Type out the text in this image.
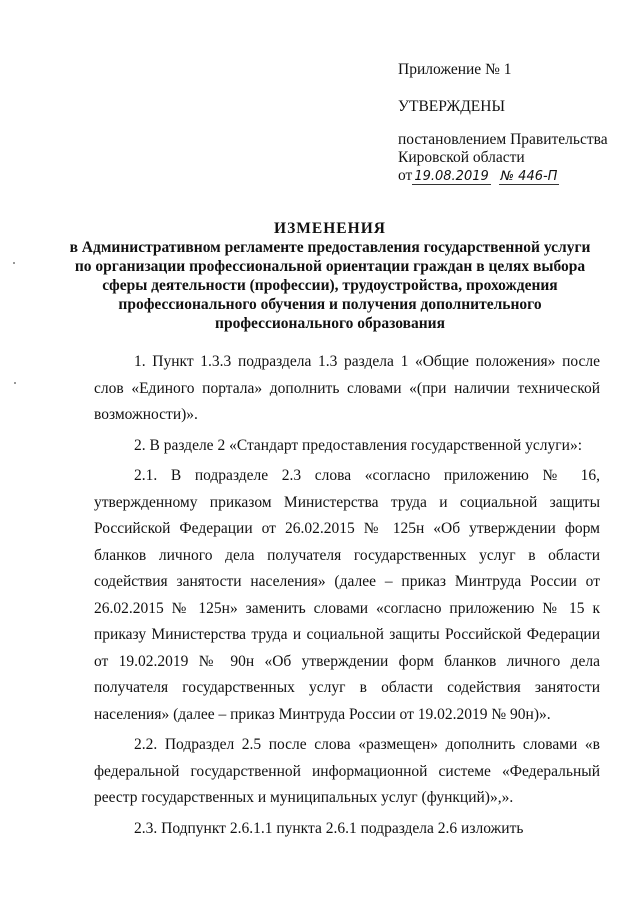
Приложение № 1
УТВЕРЖДЕНЫ
постановлением Правительства
Кировской области
от 19.08.2019 № 446-П
ИЗМЕНЕНИЯ
в Административном регламенте предоставления государственной услуги по организации профессиональной ориентации граждан в целях выбора сферы деятельности (профессии), трудоустройства, прохождения профессионального обучения и получения дополнительного профессионального образования

1. Пункт 1.3.3 подраздела 1.3 раздела 1 «Общие положения» после слов «Единого портала» дополнить словами «(при наличии технической возможности)».

2. В разделе 2 «Стандарт предоставления государственной услуги»:

2.1. В подразделе 2.3 слова «согласно приложению № 16, утвержденному приказом Министерства труда и социальной защиты Российской Федерации от 26.02.2015 № 125н «Об утверждении форм бланков личного дела получателя государственных услуг в области содействия занятости населения» (далее – приказ Минтруда России от 26.02.2015 № 125н» заменить словами «согласно приложению № 15 к приказу Министерства труда и социальной защиты Российской Федерации от 19.02.2019 № 90н «Об утверждении форм бланков личного дела получателя государственных услуг в области содействия занятости населения» (далее – приказ Минтруда России от 19.02.2019 № 90н)».

2.2. Подраздел 2.5 после слова «размещен» дополнить словами «в федеральной государственной информационной системе «Федеральный реестр государственных и муниципальных услуг (функций)»,».

2.3. Подпункт 2.6.1.1 пункта 2.6.1 подраздела 2.6 изложить
